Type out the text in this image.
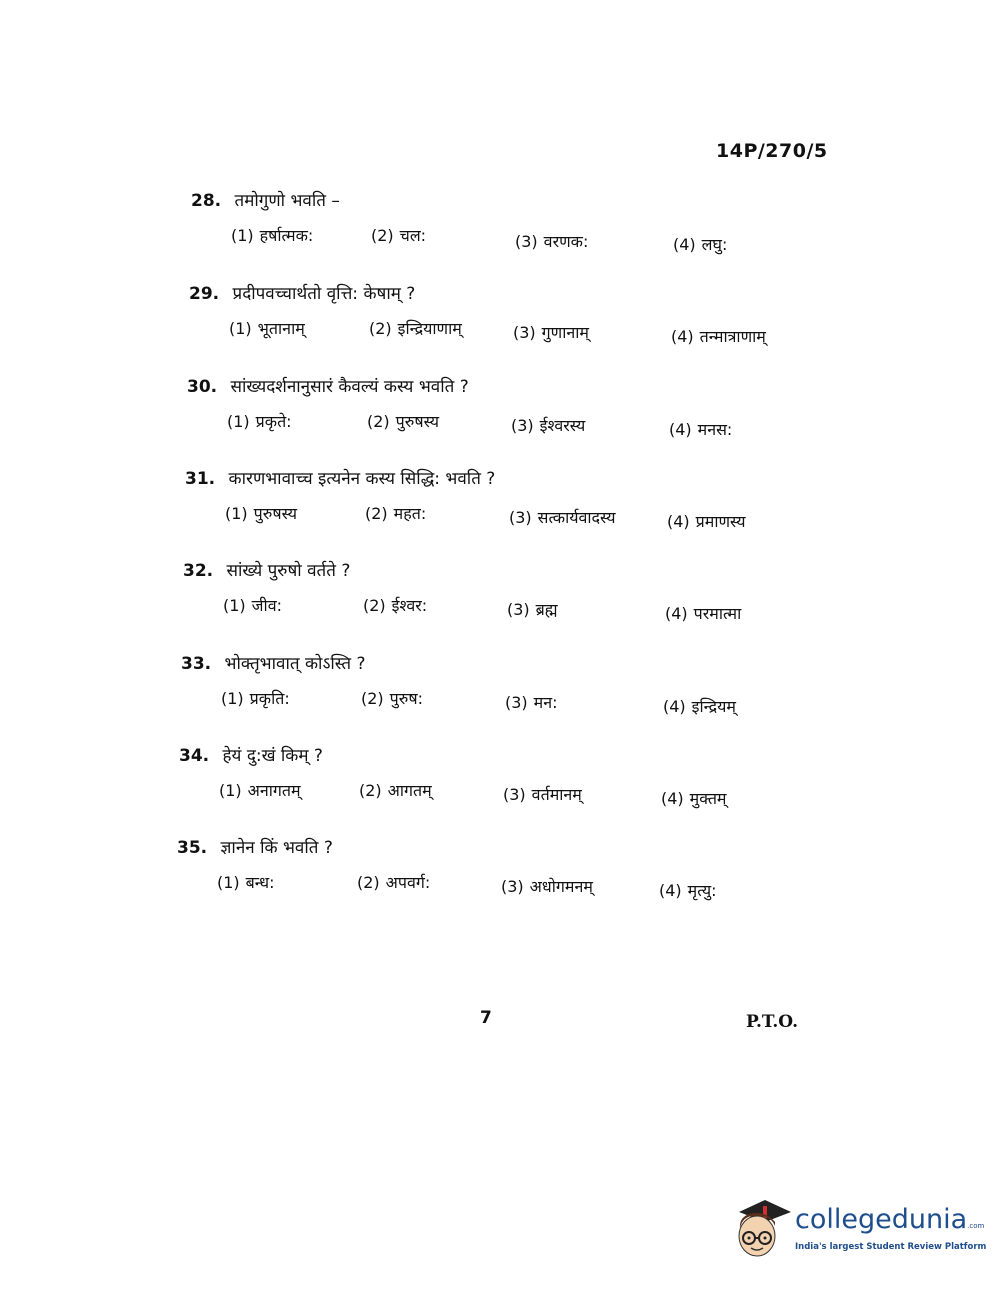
14P/270/5
28. तमोगुणो भवति –
(1) हर्षात्मक:	(2) चल:	(3) वरणक:	(4) लघु:
29. प्रदीपवच्चार्थतो वृत्ति: केषाम् ?
(1) भूतानाम्	(2) इन्द्रियाणाम्	(3) गुणानाम्	(4) तन्मात्राणाम्
30. सांख्यदर्शनानुसारं कैवल्यं कस्य भवति ?
(1) प्रकृते:	(2) पुरुषस्य	(3) ईश्वरस्य	(4) मनस:
31. कारणभावाच्च इत्यनेन कस्य सिद्धि: भवति ?
(1) पुरुषस्य	(2) महत:	(3) सत्कार्यवादस्य	(4) प्रमाणस्य
32. सांख्ये पुरुषो वर्तते ?
(1) जीव:	(2) ईश्वर:	(3) ब्रह्म	(4) परमात्मा
33. भोक्तृभावात् कोऽस्ति ?
(1) प्रकृति:	(2) पुरुष:	(3) मन:	(4) इन्द्रियम्
34. हेयं दु:खं किम् ?
(1) अनागतम्	(2) आगतम्	(3) वर्तमानम्	(4) मुक्तम्
35. ज्ञानेन किं भवति ?
(1) बन्ध:	(2) अपवर्ग:	(3) अधोगमनम्	(4) मृत्यु:
7	P.T.O.
collegedunia.com
India's largest Student Review Platform
